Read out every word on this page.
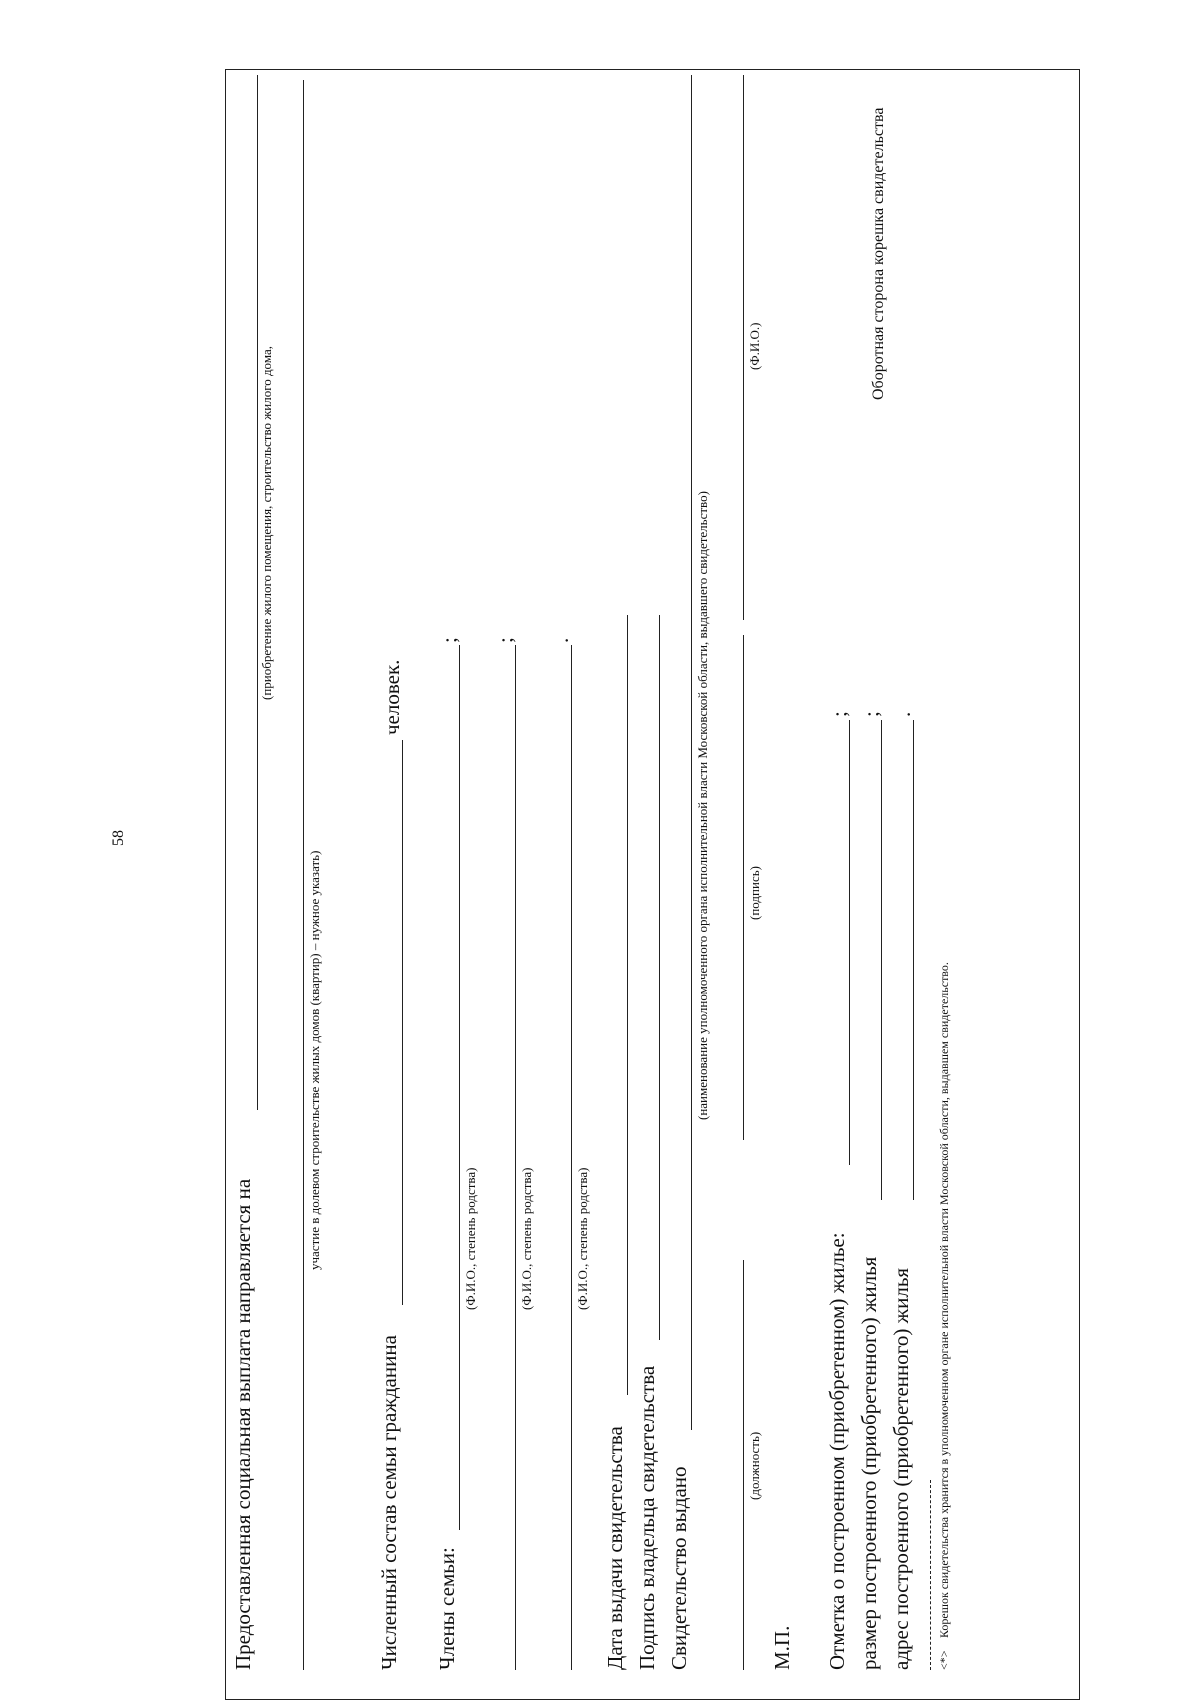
58
Оборотная сторона корешка свидетельства
Предоставленная социальная выплата направляется на
(приобретение жилого помещения, строительство жилого дома,
участие в долевом строительстве жилых домов (квартир) – нужное указать)
Численный состав семьи гражданина
человек.
Члены семьи:
;
(Ф.И.О., степень родства)
;
(Ф.И.О., степень родства)
.
(Ф.И.О., степень родства)
Дата выдачи свидетельства Подпись владельца свидетельства Свидетельство выдано
(наименование уполномоченного органа исполнительной власти Московской области, выдавшего свидетельство)
(должность)
(подпись)
(Ф.И.О.)
М.П. Отметка о построенном (приобретенном) жилье:
;
размер построенного (приобретенного) жилья
;
адрес построенного (приобретенного) жилья
.
<*>
Корешок свидетельства хранится в уполномоченном органе исполнительной власти Московской области, выдавшем свидетельство.
